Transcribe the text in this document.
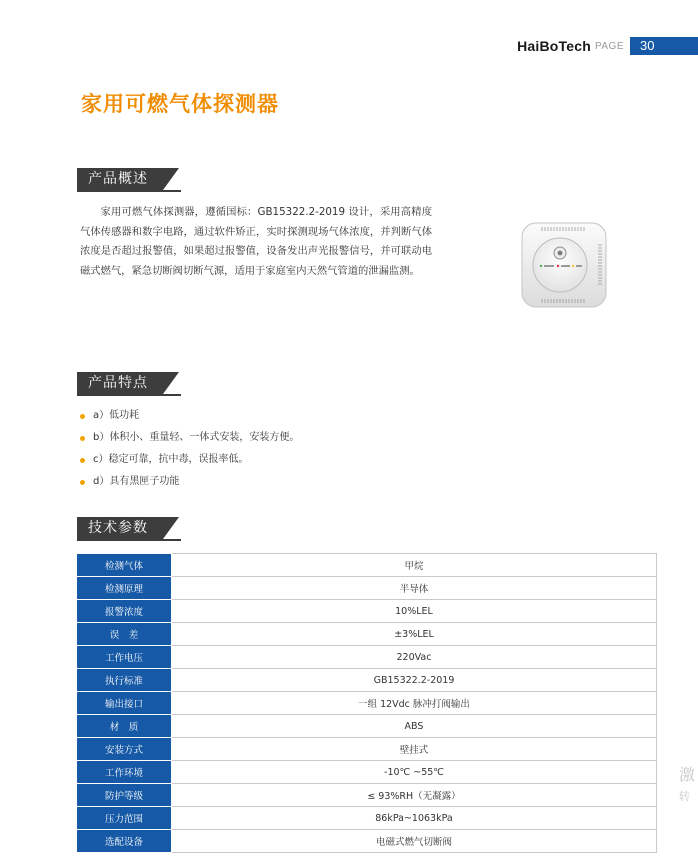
HaiBoTech PAGE	30
家用可燃气体探测器
产品概述

家用可燃气体探测器，遵循国标：GB15322.2-2019 设计，采用高精度气体传感器和数字电路，通过软件矫正，实时探测现场气体浓度，并判断气体浓度是否超过报警值，如果超过报警值，设备发出声光报警信号，并可联动电磁式燃气，紧急切断阀切断气源，适用于家庭室内天然气管道的泄漏监测。

产品特点
a）低功耗
b）体积小、重量轻、一体式安装，安装方便。
c）稳定可靠，抗中毒，误报率低。
d）具有黑匣子功能
技术参数
检测气体	甲烷
检测原理	半导体
报警浓度	10%LEL
误　差	±3%LEL
工作电压	220Vac
执行标准	GB15322.2-2019
输出接口	一组 12Vdc 脉冲打阀输出
材　质	ABS
安装方式	壁挂式
工作环境	-10℃ ~55℃
防护等级	≤ 93%RH（无凝露）
压力范围	86kPa~1063kPa
选配设备	电磁式燃气切断阀
激
转
